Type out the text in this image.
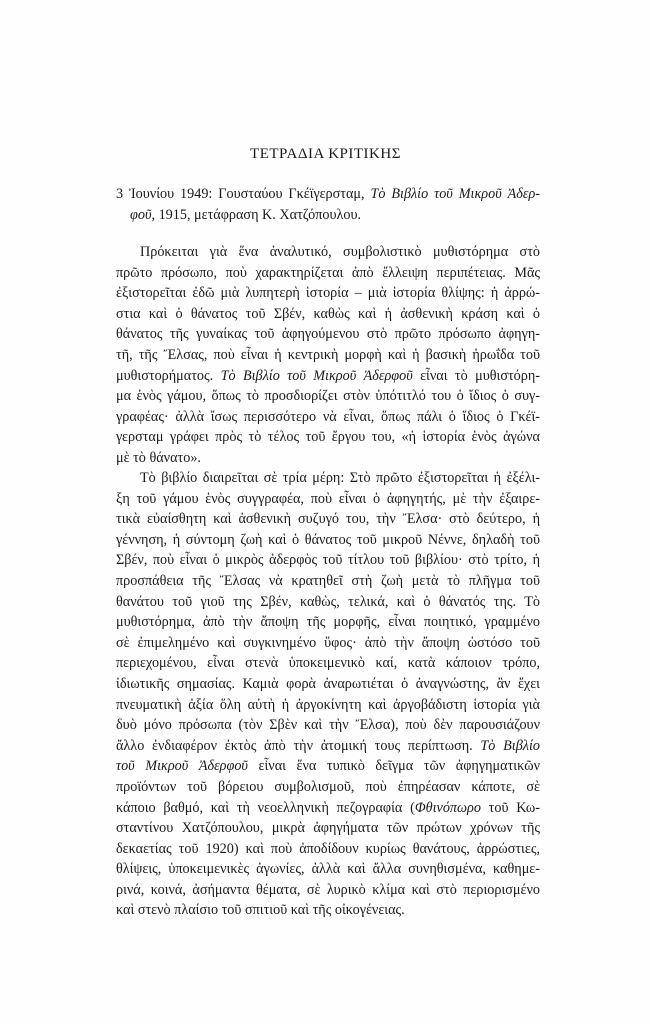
ΤΕΤΡΑΔΙΑ ΚΡΙΤΙΚΗΣ
3 Ἰουνίου 1949: Γουσταύου Γκέϊγερσταμ, Τὸ Βιβλίο τοῦ Μικροῦ Ἀδερ-
φοῦ, 1915, μετάφραση Κ. Χατζόπουλου.
Πρόκειται γιὰ ἕνα ἀναλυτικό, συμβολιστικὸ μυθιστόρημα στὸ
πρῶτο πρόσωπο, ποὺ χαρακτηρίζεται ἀπὸ ἔλλειψη περιπέτειας. Μᾶς
ἐξιστορεῖται ἐδῶ μιὰ λυπητερὴ ἱστορία – μιὰ ἱστορία θλίψης: ἡ ἀρρώ-
στια καὶ ὁ θάνατος τοῦ Σβέν, καθὼς καὶ ἡ ἀσθενικὴ κράση καὶ ὁ
θάνατος τῆς γυναίκας τοῦ ἀφηγούμενου στὸ πρῶτο πρόσωπο ἀφηγη-
τῆ, τῆς Ἔλσας, ποὺ εἶναι ἡ κεντρικὴ μορφὴ καὶ ἡ βασικὴ ἡρωΐδα τοῦ
μυθιστορήματος. Τὸ Βιβλίο τοῦ Μικροῦ Ἀδερφοῦ εἶναι τὸ μυθιστόρη-
μα ἑνὸς γάμου, ὅπως τὸ προσδιορίζει στὸν ὑπότιτλό του ὁ ἴδιος ὁ συγ-
γραφέας· ἀλλὰ ἴσως περισσότερο νὰ εἶναι, ὅπως πάλι ὁ ἴδιος ὁ Γκέϊ-
γερσταμ γράφει πρὸς τὸ τέλος τοῦ ἔργου του, «ἡ ἱστορία ἑνὸς ἀγώνα
μὲ τὸ θάνατο».
Τὸ βιβλίο διαιρεῖται σὲ τρία μέρη: Στὸ πρῶτο ἐξιστορεῖται ἡ ἐξέλι-
ξη τοῦ γάμου ἑνὸς συγγραφέα, ποὺ εἶναι ὁ ἀφηγητής, μὲ τὴν ἐξαιρε-
τικὰ εὐαίσθητη καὶ ἀσθενικὴ συζυγό του, τὴν Ἔλσα· στὸ δεύτερο, ἡ
γέννηση, ἡ σύντομη ζωὴ καὶ ὁ θάνατος τοῦ μικροῦ Νέννε, δηλαδὴ τοῦ
Σβέν, ποὺ εἶναι ὁ μικρὸς ἀδερφὸς τοῦ τίτλου τοῦ βιβλίου· στὸ τρίτο, ἡ
προσπάθεια τῆς Ἔλσας νὰ κρατηθεῖ στὴ ζωὴ μετὰ τὸ πλῆγμα τοῦ
θανάτου τοῦ γιοῦ της Σβέν, καθὼς, τελικά, καὶ ὁ θάνατός της. Τὸ
μυθιστόρημα, ἀπὸ τὴν ἄποψη τῆς μορφῆς, εἶναι ποιητικό, γραμμένο
σὲ ἐπιμελημένο καὶ συγκινημένο ὕφος· ἀπὸ τὴν ἄποψη ὡστόσο τοῦ
περιεχομένου, εἶναι στενὰ ὑποκειμενικὸ καί, κατὰ κάποιον τρόπο,
ἰδιωτικῆς σημασίας. Καμιὰ φορὰ ἀναρωτιέται ὁ ἀναγνώστης, ἂν ἔχει
πνευματικὴ ἀξία ὅλη αὐτὴ ἡ ἀργοκίνητη καὶ ἀργοβάδιστη ἱστορία γιὰ
δυὸ μόνο πρόσωπα (τὸν Σβὲν καὶ τὴν Ἔλσα), ποὺ δὲν παρουσιάζουν
ἄλλο ἐνδιαφέρον ἐκτὸς ἀπὸ τὴν ἀτομική τους περίπτωση. Τὸ Βιβλίο
τοῦ Μικροῦ Ἀδερφοῦ εἶναι ἕνα τυπικὸ δεῖγμα τῶν ἀφηγηματικῶν
προϊόντων τοῦ βόρειου συμβολισμοῦ, ποὺ ἐπηρέασαν κάποτε, σὲ
κάποιο βαθμό, καὶ τὴ νεοελληνικὴ πεζογραφία (Φθινόπωρο τοῦ Κω-
σταντίνου Χατζόπουλου, μικρὰ ἀφηγήματα τῶν πρώτων χρόνων τῆς
δεκαετίας τοῦ 1920) καὶ ποὺ ἀποδίδουν κυρίως θανάτους, ἀρρώστιες,
θλίψεις, ὑποκειμενικὲς ἀγωνίες, ἀλλὰ καὶ ἄλλα συνηθισμένα, καθημε-
ρινά, κοινά, ἀσήμαντα θέματα, σὲ λυρικὸ κλίμα καὶ στὸ περιορισμένο
καὶ στενὸ πλαίσιο τοῦ σπιτιοῦ καὶ τῆς οἰκογένειας.
